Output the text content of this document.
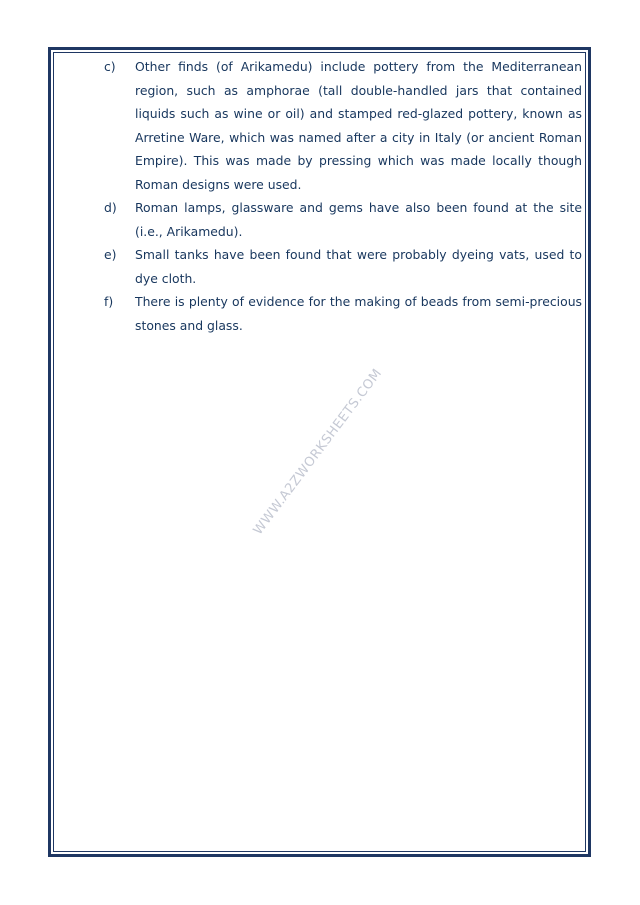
c)	Other finds (of Arikamedu) include pottery from the Mediterranean region, such as amphorae (tall double-handled jars that contained liquids such as wine or oil) and stamped red-glazed pottery, known as Arretine Ware, which was named after a city in Italy (or ancient Roman Empire). This was made by pressing which was made locally though Roman designs were used.
d)	Roman lamps, glassware and gems have also been found at the site (i.e., Arikamedu).
e)	Small tanks have been found that were probably dyeing vats, used to dye cloth.
f)	There is plenty of evidence for the making of beads from semi-precious stones and glass.
WWW.A2ZWORKSHEETS.COM
